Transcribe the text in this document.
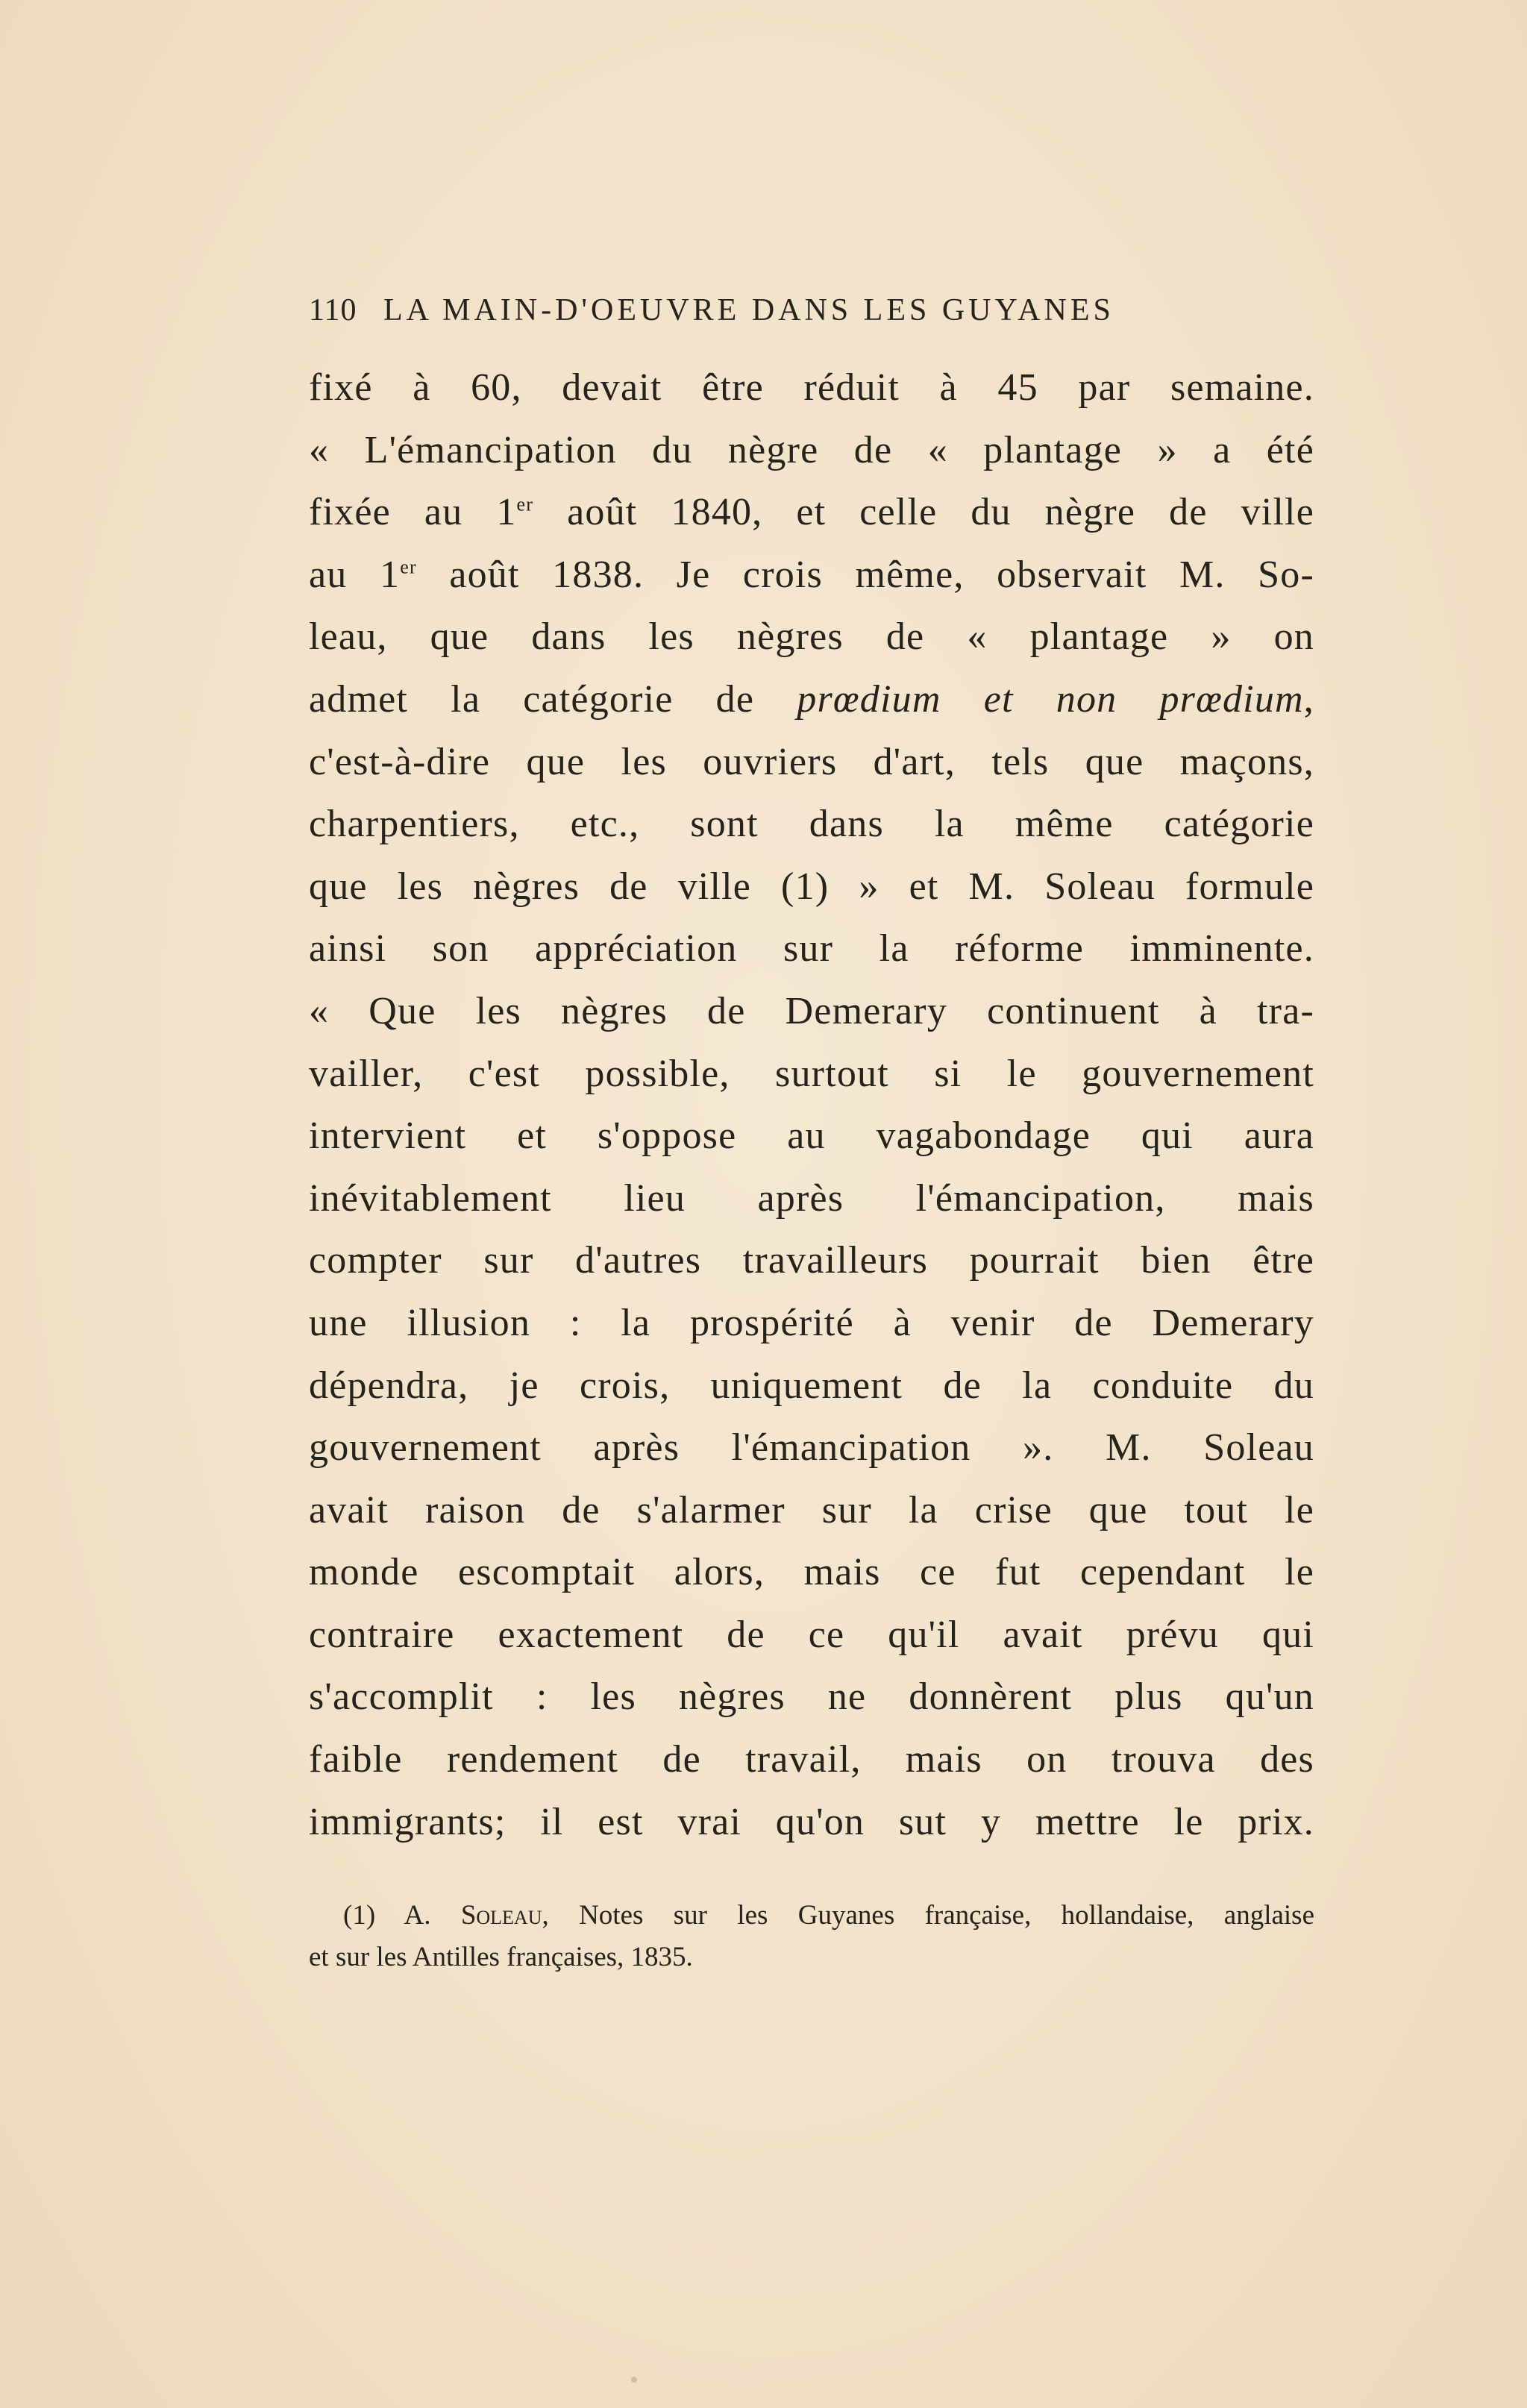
110 LA MAIN-D'OEUVRE DANS LES GUYANES
fixé à 60, devait être réduit à 45 par semaine.
« L'émancipation du nègre de « plantage » a été
fixée au 1er août 1840, et celle du nègre de ville
au 1er août 1838. Je crois même, observait M. So-
leau, que dans les nègres de « plantage » on
admet la catégorie de prœdium et non prœdium,
c'est-à-dire que les ouvriers d'art, tels que maçons,
charpentiers, etc., sont dans la même catégorie
que les nègres de ville (1) » et M. Soleau formule
ainsi son appréciation sur la réforme imminente.
« Que les nègres de Demerary continuent à tra-
vailler, c'est possible, surtout si le gouvernement
intervient et s'oppose au vagabondage qui aura
inévitablement lieu après l'émancipation, mais
compter sur d'autres travailleurs pourrait bien être
une illusion : la prospérité à venir de Demerary
dépendra, je crois, uniquement de la conduite du
gouvernement après l'émancipation ». M. Soleau
avait raison de s'alarmer sur la crise que tout le
monde escomptait alors, mais ce fut cependant le
contraire exactement de ce qu'il avait prévu qui
s'accomplit : les nègres ne donnèrent plus qu'un
faible rendement de travail, mais on trouva des
immigrants; il est vrai qu'on sut y mettre le prix.
(1) A. Soleau, Notes sur les Guyanes française, hollandaise, anglaise
et sur les Antilles françaises, 1835.
